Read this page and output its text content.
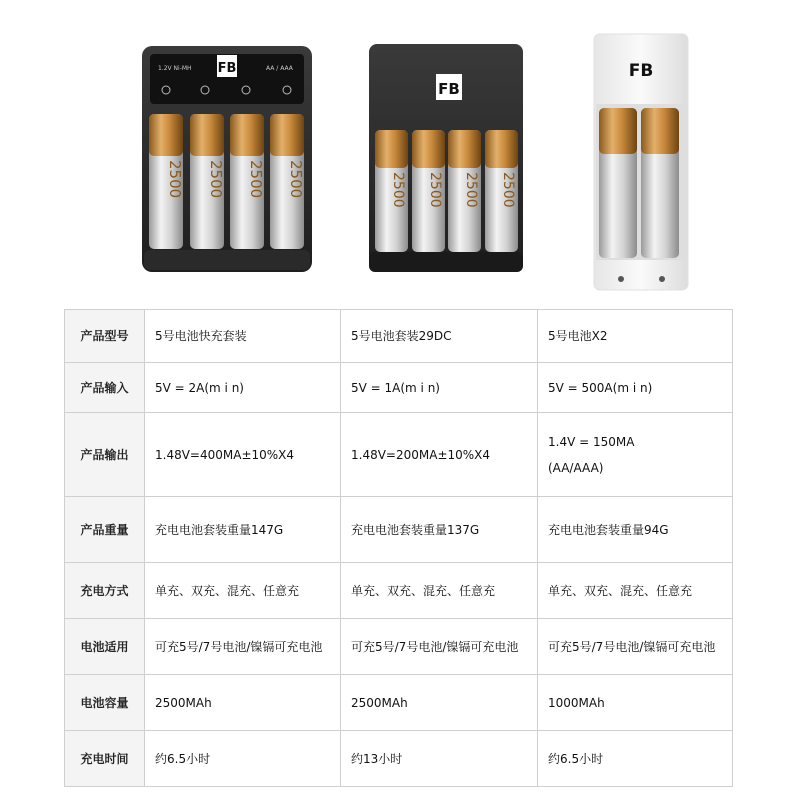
1.2V Ni-MH	AA / AAA
FB
2500 2500 2500 2500
FB
2500 2500 2500 2500
FB
产品型号	5号电池快充套装	5号电池套装29DC	5号电池X2
产品输入	5V = 2A(m i n)	5V = 1A(m i n)	5V = 500A(m i n)
产品输出	1.48V=400MA±10%X4	1.48V=200MA±10%X4	1.4V = 150MA
(AA/AAA)
产品重量	充电电池套装重量147G	充电电池套装重量137G	充电电池套装重量94G
充电方式	单充、双充、混充、任意充	单充、双充、混充、任意充	单充、双充、混充、任意充
电池适用	可充5号/7号电池/镍镉可充电池	可充5号/7号电池/镍镉可充电池	可充5号/7号电池/镍镉可充电池
电池容量	2500MAh	2500MAh	1000MAh
充电时间	约6.5小时	约13小时	约6.5小时
